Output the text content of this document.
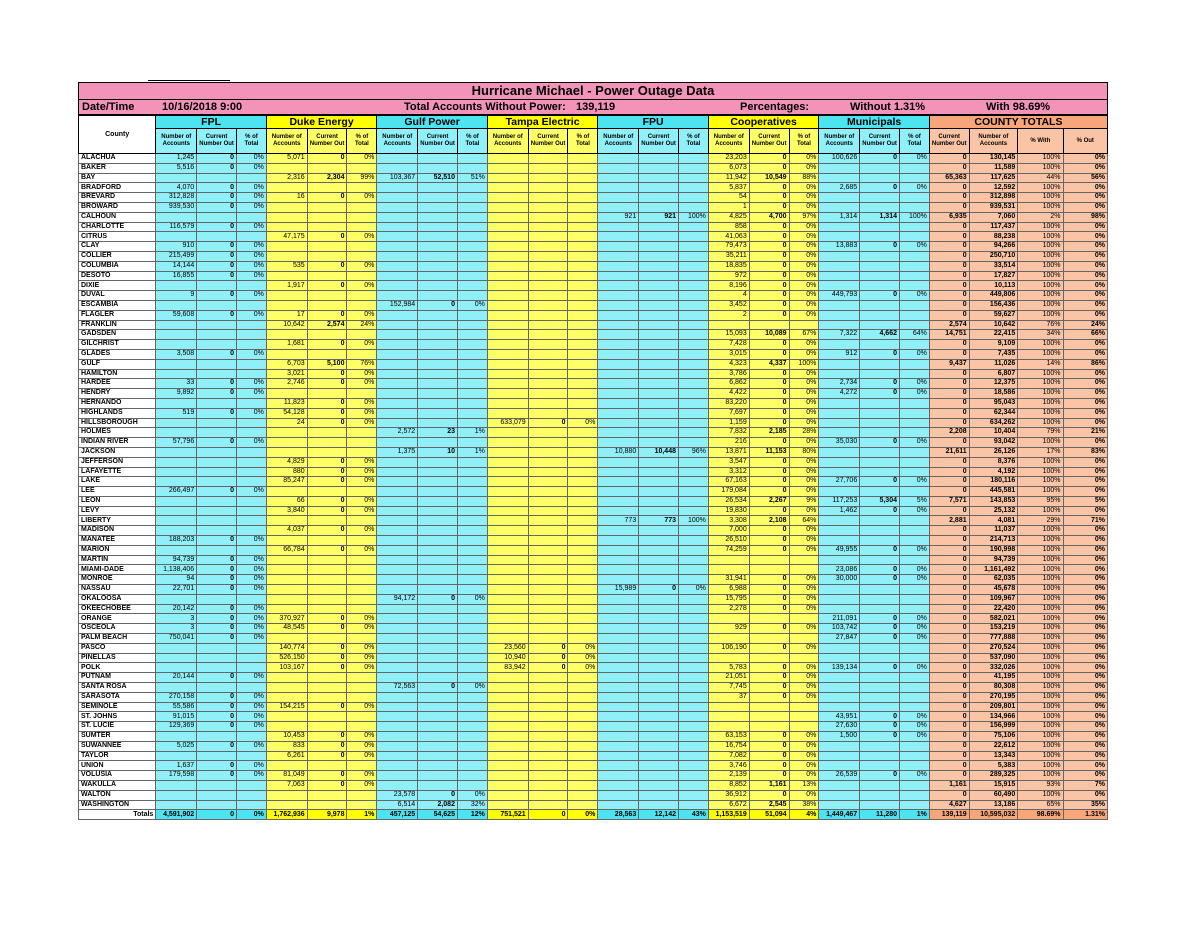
Hurricane Michael - Power Outage Data
Date/Time	10/16/2018 9:00	Total Accounts Without Power: 139,119	Percentages:	Without 1.31%	With 98.69%
County	FPL			Duke Energy			Gulf Power			Tampa Electric			FPU			Cooperatives			Municipals			COUNTY TOTALS			
	Number of Accounts	Current Number Out	% of Total	Number of Accounts	Current Number Out	% of Total	Number of Accounts	Current Number Out	% of Total	Number of Accounts	Current Number Out	% of Total	Number of Accounts	Current Number Out	% of Total	Number of Accounts	Current Number Out	% of Total	Number of Accounts	Current Number Out	% of Total	Current Number Out	Number of Accounts	% With	% Out
ALACHUA	1,245	0	0%	5,071	0	0%										23,203	0	0%	100,626	0	0%	0	130,145	100%	0%
BAKER	5,516	0	0%													6,073	0	0%				0	11,589	100%	0%
BAY				2,316	2,304	99%	103,367	52,510	51%							11,942	10,549	88%				65,363	117,625	44%	56%
BRADFORD	4,070	0	0%													5,837	0	0%	2,685	0	0%	0	12,592	100%	0%
BREVARD	312,828	0	0%	16	0	0%										54	0	0%				0	312,898	100%	0%
BROWARD	939,530	0	0%													1	0	0%				0	939,531	100%	0%
CALHOUN													921	921	100%	4,825	4,700	97%	1,314	1,314	100%	6,935	7,060	2%	98%
CHARLOTTE	116,579	0	0%													858	0	0%				0	117,437	100%	0%
CITRUS				47,175	0	0%										41,063	0	0%				0	88,238	100%	0%
CLAY	910	0	0%													79,473	0	0%	13,883	0	0%	0	94,266	100%	0%
COLLIER	215,499	0	0%													35,211	0	0%				0	250,710	100%	0%
COLUMBIA	14,144	0	0%	535	0	0%										18,835	0	0%				0	33,514	100%	0%
DESOTO	16,855	0	0%													972	0	0%				0	17,827	100%	0%
DIXIE				1,917	0	0%										8,196	0	0%				0	10,113	100%	0%
DUVAL	9	0	0%													4	0	0%	449,793	0	0%	0	449,806	100%	0%
ESCAMBIA							152,984	0	0%							3,452	0	0%				0	156,436	100%	0%
FLAGLER	59,608	0	0%	17	0	0%										2	0	0%				0	59,627	100%	0%
FRANKLIN				10,642	2,574	24%																2,574	10,642	76%	24%
GADSDEN																15,093	10,089	67%	7,322	4,662	64%	14,751	22,415	34%	66%
GILCHRIST				1,681	0	0%										7,428	0	0%				0	9,109	100%	0%
GLADES	3,508	0	0%													3,015	0	0%	912	0	0%	0	7,435	100%	0%
GULF				6,703	5,100	76%										4,323	4,337	100%				9,437	11,026	14%	86%
HAMILTON				3,021	0	0%										3,786	0	0%				0	6,807	100%	0%
HARDEE	33	0	0%	2,746	0	0%										6,862	0	0%	2,734	0	0%	0	12,375	100%	0%
HENDRY	9,892	0	0%													4,422	0	0%	4,272	0	0%	0	18,586	100%	0%
HERNANDO				11,823	0	0%										83,220	0	0%				0	95,043	100%	0%
HIGHLANDS	519	0	0%	54,128	0	0%										7,697	0	0%				0	62,344	100%	0%
HILLSBOROUGH				24	0	0%				633,079	0	0%				1,159	0	0%				0	634,262	100%	0%
HOLMES							2,572	23	1%							7,832	2,185	28%				2,208	10,404	79%	21%
INDIAN RIVER	57,796	0	0%													216	0	0%	35,030	0	0%	0	93,042	100%	0%
JACKSON							1,375	10	1%				10,880	10,448	96%	13,871	11,153	80%				21,611	26,126	17%	83%
JEFFERSON				4,829	0	0%										3,547	0	0%				0	8,376	100%	0%
LAFAYETTE				880	0	0%										3,312	0	0%				0	4,192	100%	0%
LAKE				85,247	0	0%										67,163	0	0%	27,706	0	0%	0	180,116	100%	0%
LEE	266,497	0	0%													179,084	0	0%				0	445,581	100%	0%
LEON				66	0	0%										26,534	2,267	9%	117,253	5,304	5%	7,571	143,853	95%	5%
LEVY				3,840	0	0%										19,830	0	0%	1,462	0	0%	0	25,132	100%	0%
LIBERTY													773	773	100%	3,308	2,108	64%				2,881	4,081	29%	71%
MADISON				4,037	0	0%										7,000	0	0%				0	11,037	100%	0%
MANATEE	188,203	0	0%													26,510	0	0%				0	214,713	100%	0%
MARION				66,784	0	0%										74,259	0	0%	49,955	0	0%	0	190,998	100%	0%
MARTIN	94,739	0	0%																			0	94,739	100%	0%
MIAMI-DADE	1,138,406	0	0%																23,086	0	0%	0	1,161,492	100%	0%
MONROE	94	0	0%													31,941	0	0%	30,000	0	0%	0	62,035	100%	0%
NASSAU	22,701	0	0%										15,989	0	0%	6,988	0	0%				0	45,678	100%	0%
OKALOOSA							94,172	0	0%							15,795	0	0%				0	109,967	100%	0%
OKEECHOBEE	20,142	0	0%													2,278	0	0%				0	22,420	100%	0%
ORANGE	3	0	0%	370,927	0	0%													211,091	0	0%	0	582,021	100%	0%
OSCEOLA	3	0	0%	48,545	0	0%										929	0	0%	103,742	0	0%	0	153,219	100%	0%
PALM BEACH	750,041	0	0%																27,847	0	0%	0	777,888	100%	0%
PASCO				140,774	0	0%				23,560	0	0%				106,190	0	0%				0	270,524	100%	0%
PINELLAS				526,150	0	0%				10,940	0	0%										0	537,090	100%	0%
POLK				103,167	0	0%				83,942	0	0%				5,783	0	0%	139,134	0	0%	0	332,026	100%	0%
PUTNAM	20,144	0	0%													21,051	0	0%				0	41,195	100%	0%
SANTA ROSA							72,563	0	0%							7,745	0	0%				0	80,308	100%	0%
SARASOTA	270,158	0	0%													37	0	0%				0	270,195	100%	0%
SEMINOLE	55,586	0	0%	154,215	0	0%																0	209,801	100%	0%
ST. JOHNS	91,015	0	0%																43,951	0	0%	0	134,966	100%	0%
ST. LUCIE	129,369	0	0%																27,630	0	0%	0	156,999	100%	0%
SUMTER				10,453	0	0%										63,153	0	0%	1,500	0	0%	0	75,106	100%	0%
SUWANNEE	5,025	0	0%	833	0	0%										16,754	0	0%				0	22,612	100%	0%
TAYLOR				6,261	0	0%										7,082	0	0%				0	13,343	100%	0%
UNION	1,637	0	0%													3,746	0	0%				0	5,383	100%	0%
VOLUSIA	179,598	0	0%	81,049	0	0%										2,139	0	0%	26,539	0	0%	0	289,325	100%	0%
WAKULLA				7,063	0	0%										8,852	1,161	13%				1,161	15,915	93%	7%
WALTON							23,578	0	0%							36,912	0	0%				0	60,490	100%	0%
WASHINGTON							6,514	2,082	32%							6,672	2,545	38%				4,627	13,186	65%	35%
Totals	4,591,902	0	0%	1,762,936	9,978	1%	457,125	54,625	12%	751,521	0	0%	28,563	12,142	43%	1,153,519	51,094	4%	1,449,467	11,280	1%	139,119	10,595,032	98.69%	1.31%
